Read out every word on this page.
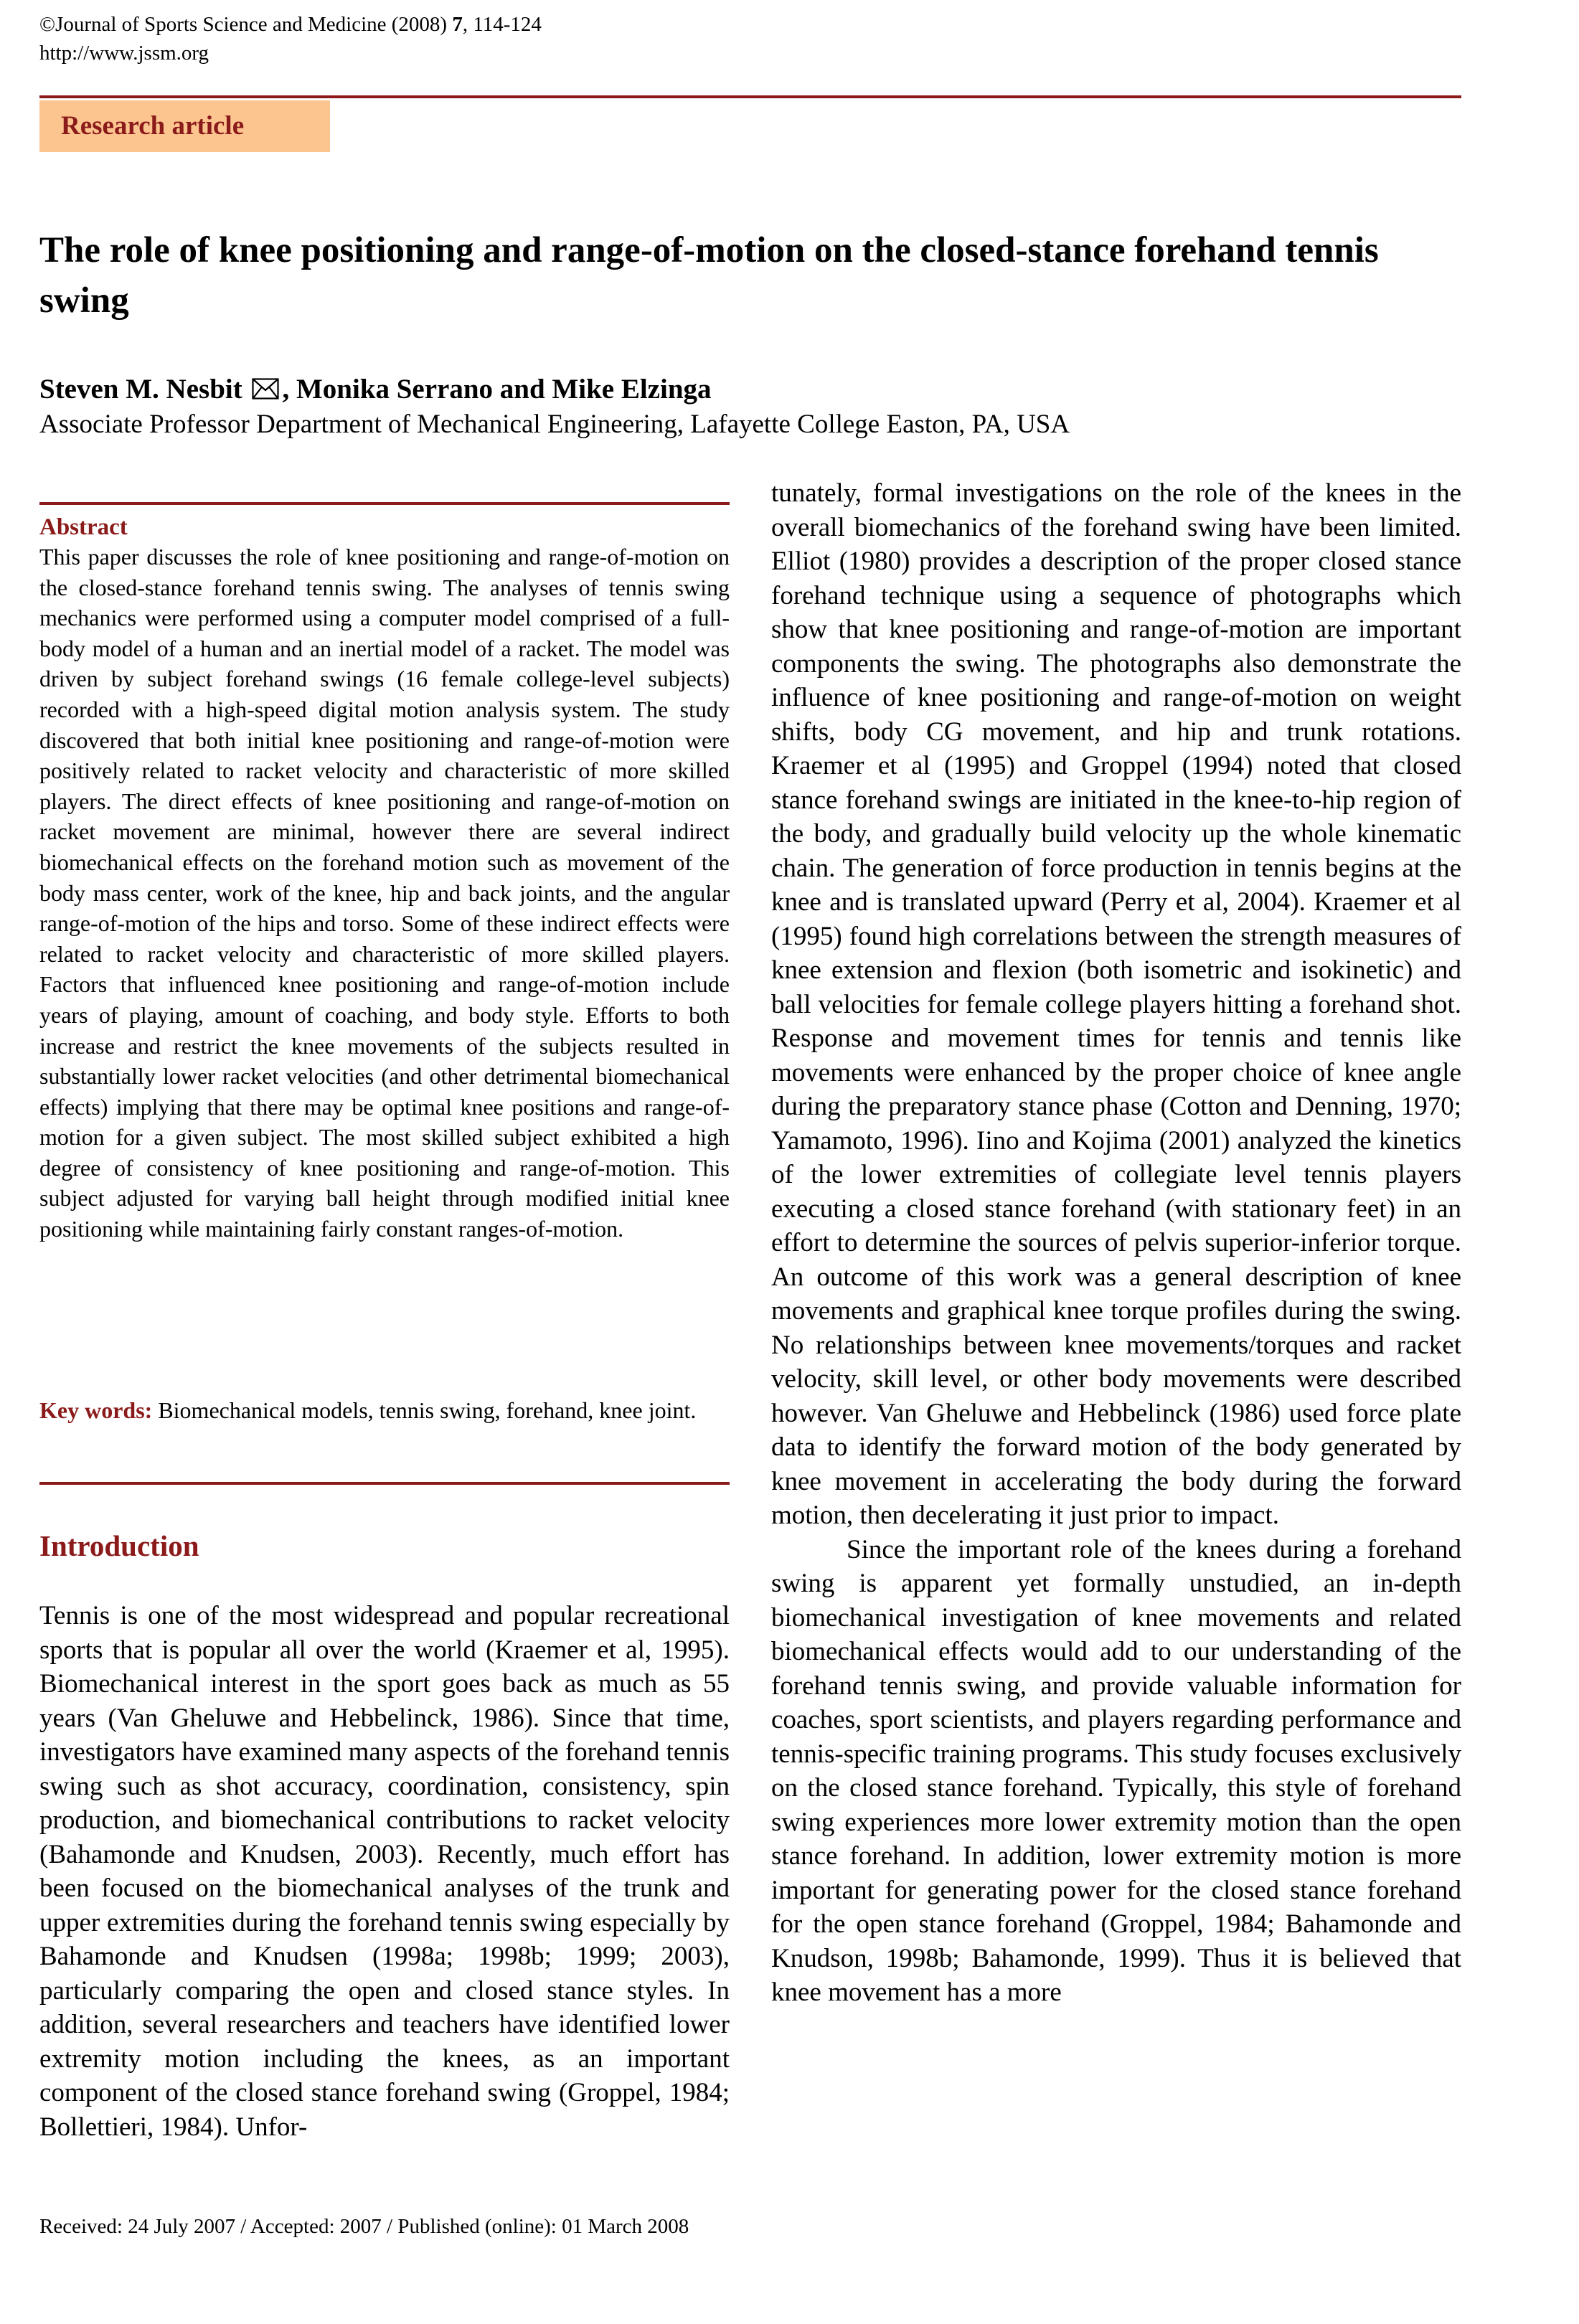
©Journal of Sports Science and Medicine (2008) 7, 114-124
http://www.jssm.org
Research article
The role of knee positioning and range-of-motion on the closed-stance forehand tennis swing
Steven M. Nesbit , Monika Serrano and Mike Elzinga
Associate Professor Department of Mechanical Engineering, Lafayette College Easton, PA, USA
Abstract
This paper discusses the role of knee positioning and range-of-motion on the closed-stance forehand tennis swing. The analyses of tennis swing mechanics were performed using a computer model comprised of a full-body model of a human and an inertial model of a racket. The model was driven by subject forehand swings (16 female college-level subjects) recorded with a high-speed digital motion analysis system. The study discovered that both initial knee positioning and range-of-motion were positively related to racket velocity and characteristic of more skilled players. The direct effects of knee positioning and range-of-motion on racket movement are minimal, however there are several indirect biomechanical effects on the forehand motion such as movement of the body mass center, work of the knee, hip and back joints, and the angular range-of-motion of the hips and torso. Some of these indirect effects were related to racket velocity and characteristic of more skilled players. Factors that influenced knee positioning and range-of-motion include years of playing, amount of coaching, and body style. Efforts to both increase and restrict the knee movements of the subjects resulted in substantially lower racket velocities (and other detrimental biomechanical effects) implying that there may be optimal knee positions and range-of-motion for a given subject. The most skilled subject exhibited a high degree of consistency of knee positioning and range-of-motion. This subject adjusted for varying ball height through modified initial knee positioning while maintaining fairly constant ranges-of-motion.
Key words: Biomechanical models, tennis swing, forehand, knee joint.
Introduction

Tennis is one of the most widespread and popular recreational sports that is popular all over the world (Kraemer et al, 1995). Biomechanical interest in the sport goes back as much as 55 years (Van Gheluwe and Hebbelinck, 1986). Since that time, investigators have examined many aspects of the forehand tennis swing such as shot accuracy, coordination, consistency, spin production, and biomechanical contributions to racket velocity (Bahamonde and Knudsen, 2003). Recently, much effort has been focused on the biomechanical analyses of the trunk and upper extremities during the forehand tennis swing especially by Bahamonde and Knudsen (1998a; 1998b; 1999; 2003), particularly comparing the open and closed stance styles. In addition, several researchers and teachers have identified lower extremity motion including the knees, as an important component of the closed stance forehand swing (Groppel, 1984; Bollettieri, 1984). Unfor-

tunately, formal investigations on the role of the knees in the overall biomechanics of the forehand swing have been limited. Elliot (1980) provides a description of the proper closed stance forehand technique using a sequence of photographs which show that knee positioning and range-of-motion are important components the swing. The photographs also demonstrate the influence of knee positioning and range-of-motion on weight shifts, body CG movement, and hip and trunk rotations. Kraemer et al (1995) and Groppel (1994) noted that closed stance forehand swings are initiated in the knee-to-hip region of the body, and gradually build velocity up the whole kinematic chain. The generation of force production in tennis begins at the knee and is translated upward (Perry et al, 2004). Kraemer et al (1995) found high correlations between the strength measures of knee extension and flexion (both isometric and isokinetic) and ball velocities for female college players hitting a forehand shot. Response and movement times for tennis and tennis like movements were enhanced by the proper choice of knee angle during the preparatory stance phase (Cotton and Denning, 1970; Yamamoto, 1996). Iino and Kojima (2001) analyzed the kinetics of the lower extremities of collegiate level tennis players executing a closed stance forehand (with stationary feet) in an effort to determine the sources of pelvis superior-inferior torque. An outcome of this work was a general description of knee movements and graphical knee torque profiles during the swing. No relationships between knee movements/torques and racket velocity, skill level, or other body movements were described however. Van Gheluwe and Hebbelinck (1986) used force plate data to identify the forward motion of the body generated by knee movement in accelerating the body during the forward motion, then decelerating it just prior to impact.

Since the important role of the knees during a forehand swing is apparent yet formally unstudied, an in-depth biomechanical investigation of knee movements and related biomechanical effects would add to our understanding of the forehand tennis swing, and provide valuable information for coaches, sport scientists, and players regarding performance and tennis-specific training programs. This study focuses exclusively on the closed stance forehand. Typically, this style of forehand swing experiences more lower extremity motion than the open stance forehand. In addition, lower extremity motion is more important for generating power for the closed stance forehand for the open stance forehand (Groppel, 1984; Bahamonde and Knudson, 1998b; Bahamonde, 1999). Thus it is believed that knee movement has a more

Received: 24 July 2007 / Accepted: 2007 / Published (online): 01 March 2008
